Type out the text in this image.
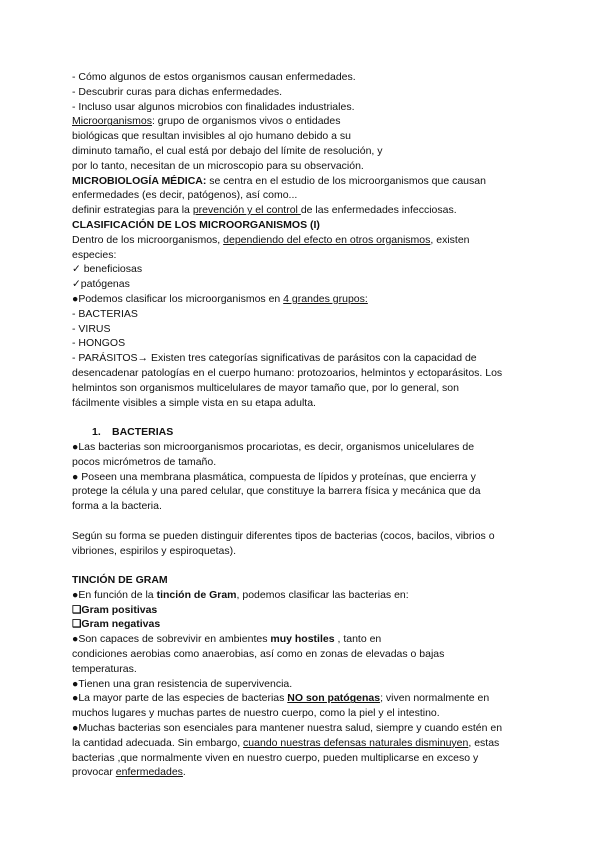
- Cómo algunos de estos organismos causan enfermedades.

- Descubrir curas para dichas enfermedades.

- Incluso usar algunos microbios con finalidades industriales.

Microorganismos: grupo de organismos vivos o entidades

biológicas que resultan invisibles al ojo humano debido a su

diminuto tamaño, el cual está por debajo del límite de resolución, y

por lo tanto, necesitan de un microscopio para su observación.

MICROBIOLOGÍA MÉDICA: se centra en el estudio de los microorganismos que causan

enfermedades (es decir, patógenos), así como...

definir estrategias para la prevención y el control de las enfermedades infecciosas.

CLASIFICACIÓN DE LOS MICROORGANISMOS (I)

Dentro de los microorganismos, dependiendo del efecto en otros organismos, existen

especies:

✓ beneficiosas

✓patógenas

●Podemos clasificar los microorganismos en 4 grandes grupos:

- BACTERIAS

- VIRUS

- HONGOS

- PARÁSITOS→ Existen tres categorías significativas de parásitos con la capacidad de

desencadenar patologías en el cuerpo humano: protozoarios, helmintos y ectoparásitos. Los

helmintos son organismos multicelulares de mayor tamaño que, por lo general, son

fácilmente visibles a simple vista en su etapa adulta.

1. BACTERIAS

●Las bacterias son microorganismos procariotas, es decir, organismos unicelulares de

pocos micrómetros de tamaño.

● Poseen una membrana plasmática, compuesta de lípidos y proteínas, que encierra y

protege la célula y una pared celular, que constituye la barrera física y mecánica que da

forma a la bacteria.

Según su forma se pueden distinguir diferentes tipos de bacterias (cocos, bacilos, vibrios o

vibriones, espirilos y espiroquetas).

TINCIÓN DE GRAM

●En función de la tinción de Gram, podemos clasificar las bacterias en:

❑Gram positivas

❑Gram negativas

●Son capaces de sobrevivir en ambientes muy hostiles , tanto en

condiciones aerobias como anaerobias, así como en zonas de elevadas o bajas

temperaturas.

●Tienen una gran resistencia de supervivencia.

●La mayor parte de las especies de bacterias NO son patógenas; viven normalmente en

muchos lugares y muchas partes de nuestro cuerpo, como la piel y el intestino.

●Muchas bacterias son esenciales para mantener nuestra salud, siempre y cuando estén en

la cantidad adecuada. Sin embargo, cuando nuestras defensas naturales disminuyen, estas

bacterias ,que normalmente viven en nuestro cuerpo, pueden multiplicarse en exceso y

provocar enfermedades.
